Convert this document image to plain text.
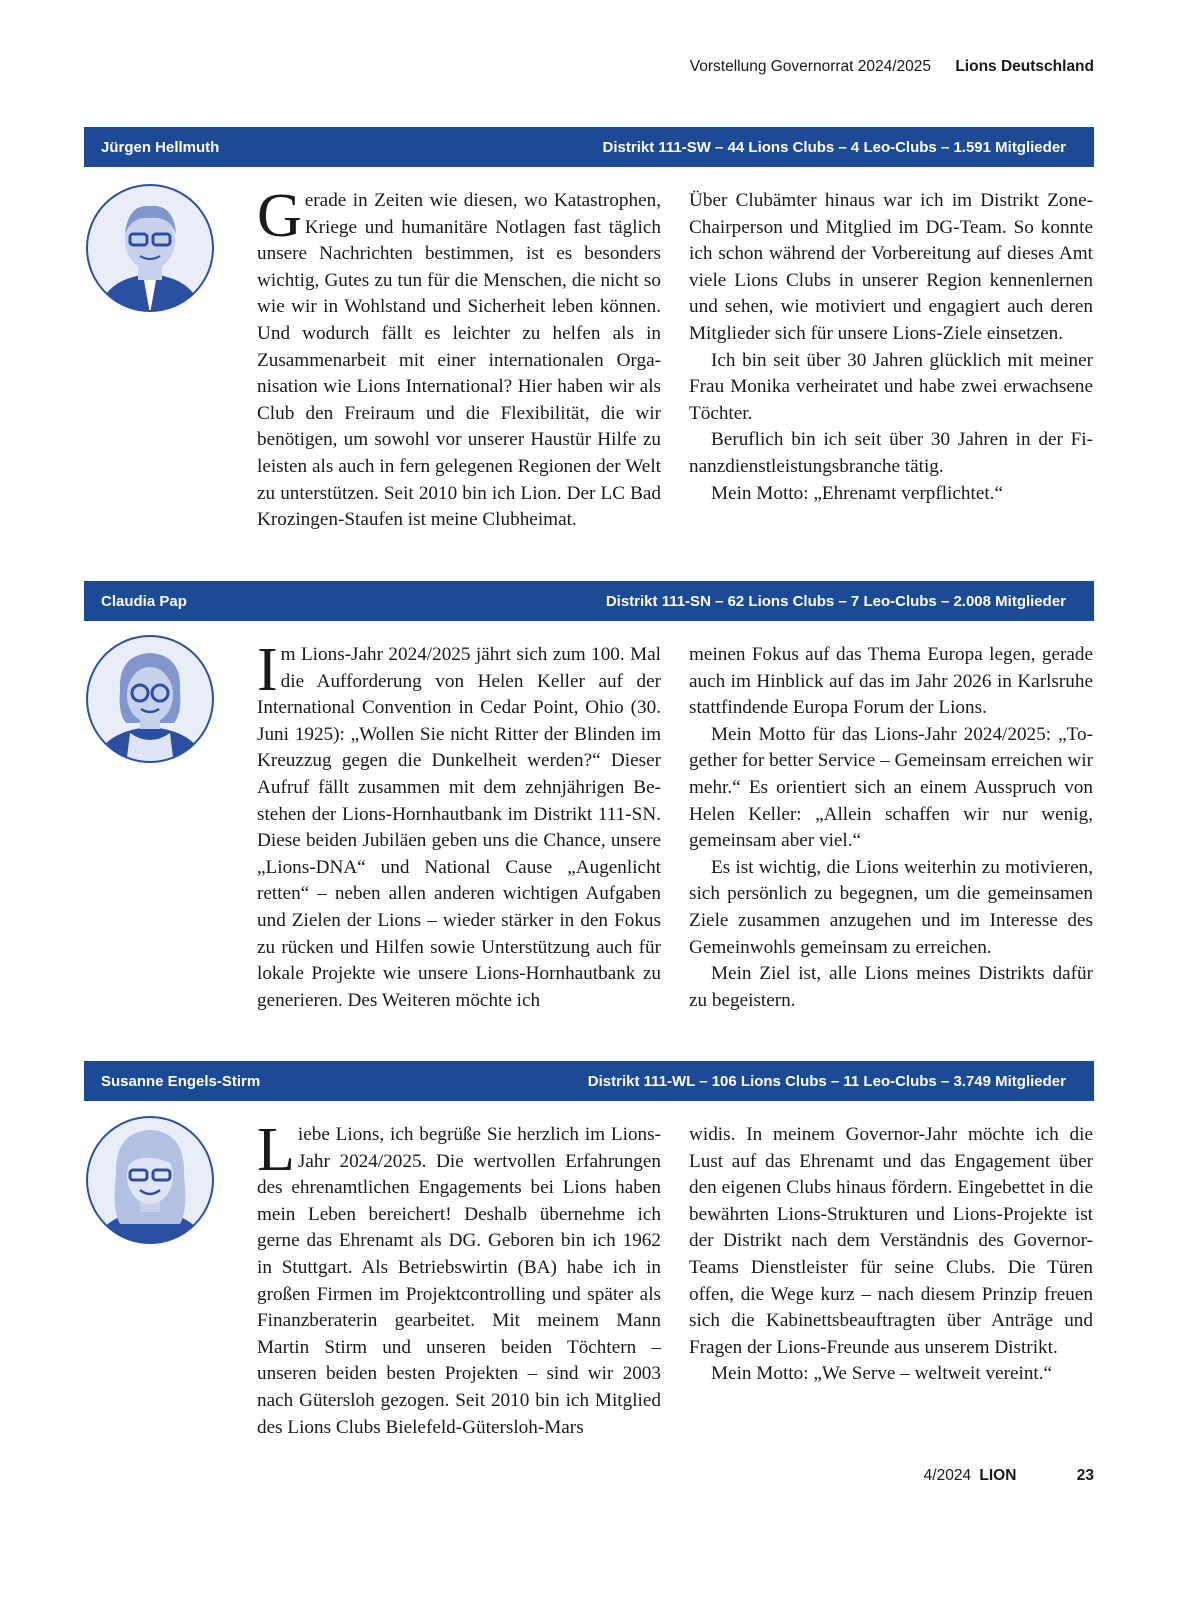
Vorstellung Governorrat 2024/2025 Lions Deutschland
Jürgen Hellmuth	Distrikt 111-SW – 44 Lions Clubs – 4 Leo-Clubs – 1.591 Mitglieder

Gerade in Zeiten wie diesen, wo Katastrophen, Kriege und humanitäre Notlagen fast täglich unsere Nachrichten bestimmen, ist es besonders wichtig, Gutes zu tun für die Menschen, die nicht so wie wir in Wohlstand und Sicherheit leben können. Und wodurch fällt es leichter zu helfen als in Zusammenarbeit mit einer internationalen Organisation wie Lions International? Hier haben wir als Club den Freiraum und die Flexibilität, die wir benötigen, um sowohl vor unserer Haustür Hilfe zu leisten als auch in fern gelegenen Regionen der Welt zu unterstützen. Seit 2010 bin ich Lion. Der LC Bad Krozingen-Staufen ist meine Clubheimat.

Über Clubämter hinaus war ich im Distrikt Zone-Chairperson und Mitglied im DG-Team. So konnte ich schon während der Vorbereitung auf dieses Amt viele Lions Clubs in unserer Region kennenlernen und sehen, wie motiviert und engagiert auch deren Mitglieder sich für unsere Lions-Ziele einsetzen.

Ich bin seit über 30 Jahren glücklich mit meiner Frau Monika verheiratet und habe zwei erwachsene Töchter.

Beruflich bin ich seit über 30 Jahren in der Finanzdienstleistungsbranche tätig.

Mein Motto: „Ehrenamt verpflichtet.“

Claudia Pap	Distrikt 111-SN – 62 Lions Clubs – 7 Leo-Clubs – 2.008 Mitglieder

Im Lions-Jahr 2024/2025 jährt sich zum 100. Mal die Aufforderung von Helen Keller auf der International Convention in Cedar Point, Ohio (30. Juni 1925): „Wollen Sie nicht Ritter der Blinden im Kreuzzug gegen die Dunkelheit werden?“ Dieser Aufruf fällt zusammen mit dem zehnjährigen Bestehen der Lions-Hornhautbank im Distrikt 111-SN. Diese beiden Jubiläen geben uns die Chance, unsere „Lions-DNA“ und National Cause „Augenlicht retten“ – neben allen anderen wichtigen Aufgaben und Zielen der Lions – wieder stärker in den Fokus zu rücken und Hilfen sowie Unterstützung auch für lokale Projekte wie unsere Lions-Hornhautbank zu generieren. Des Weiteren möchte ich

meinen Fokus auf das Thema Europa legen, gerade auch im Hinblick auf das im Jahr 2026 in Karlsruhe stattfindende Europa Forum der Lions.

Mein Motto für das Lions-Jahr 2024/2025: „Together for better Service – Gemeinsam erreichen wir mehr.“ Es orientiert sich an einem Ausspruch von Helen Keller: „Allein schaffen wir nur wenig, gemeinsam aber viel.“

Es ist wichtig, die Lions weiterhin zu motivieren, sich persönlich zu begegnen, um die gemeinsamen Ziele zusammen anzugehen und im Interesse des Gemeinwohls gemeinsam zu erreichen.

Mein Ziel ist, alle Lions meines Distrikts dafür zu begeistern.

Susanne Engels-Stirm	Distrikt 111-WL – 106 Lions Clubs – 11 Leo-Clubs – 3.749 Mitglieder

Liebe Lions, ich begrüße Sie herzlich im Lions-Jahr 2024/2025. Die wertvollen Erfahrungen des ehrenamtlichen Engagements bei Lions haben mein Leben bereichert! Deshalb übernehme ich gerne das Ehrenamt als DG. Geboren bin ich 1962 in Stuttgart. Als Betriebswirtin (BA) habe ich in großen Firmen im Projektcontrolling und später als Finanzberaterin gearbeitet. Mit meinem Mann Martin Stirm und unseren beiden Töchtern – unseren beiden besten Projekten – sind wir 2003 nach Gütersloh gezogen. Seit 2010 bin ich Mitglied des Lions Clubs Bielefeld-Gütersloh-Mars

widis. In meinem Governor-Jahr möchte ich die Lust auf das Ehrenamt und das Engagement über den eigenen Clubs hinaus fördern. Eingebettet in die bewährten Lions-Strukturen und Lions-Projekte ist der Distrikt nach dem Verständnis des Governor-Teams Dienstleister für seine Clubs. Die Türen offen, die Wege kurz – nach diesem Prinzip freuen sich die Kabinettsbeauftragten über Anträge und Fragen der Lions-Freunde aus unserem Distrikt.

Mein Motto: „We Serve – weltweit vereint.“

4/2024 LION	23
